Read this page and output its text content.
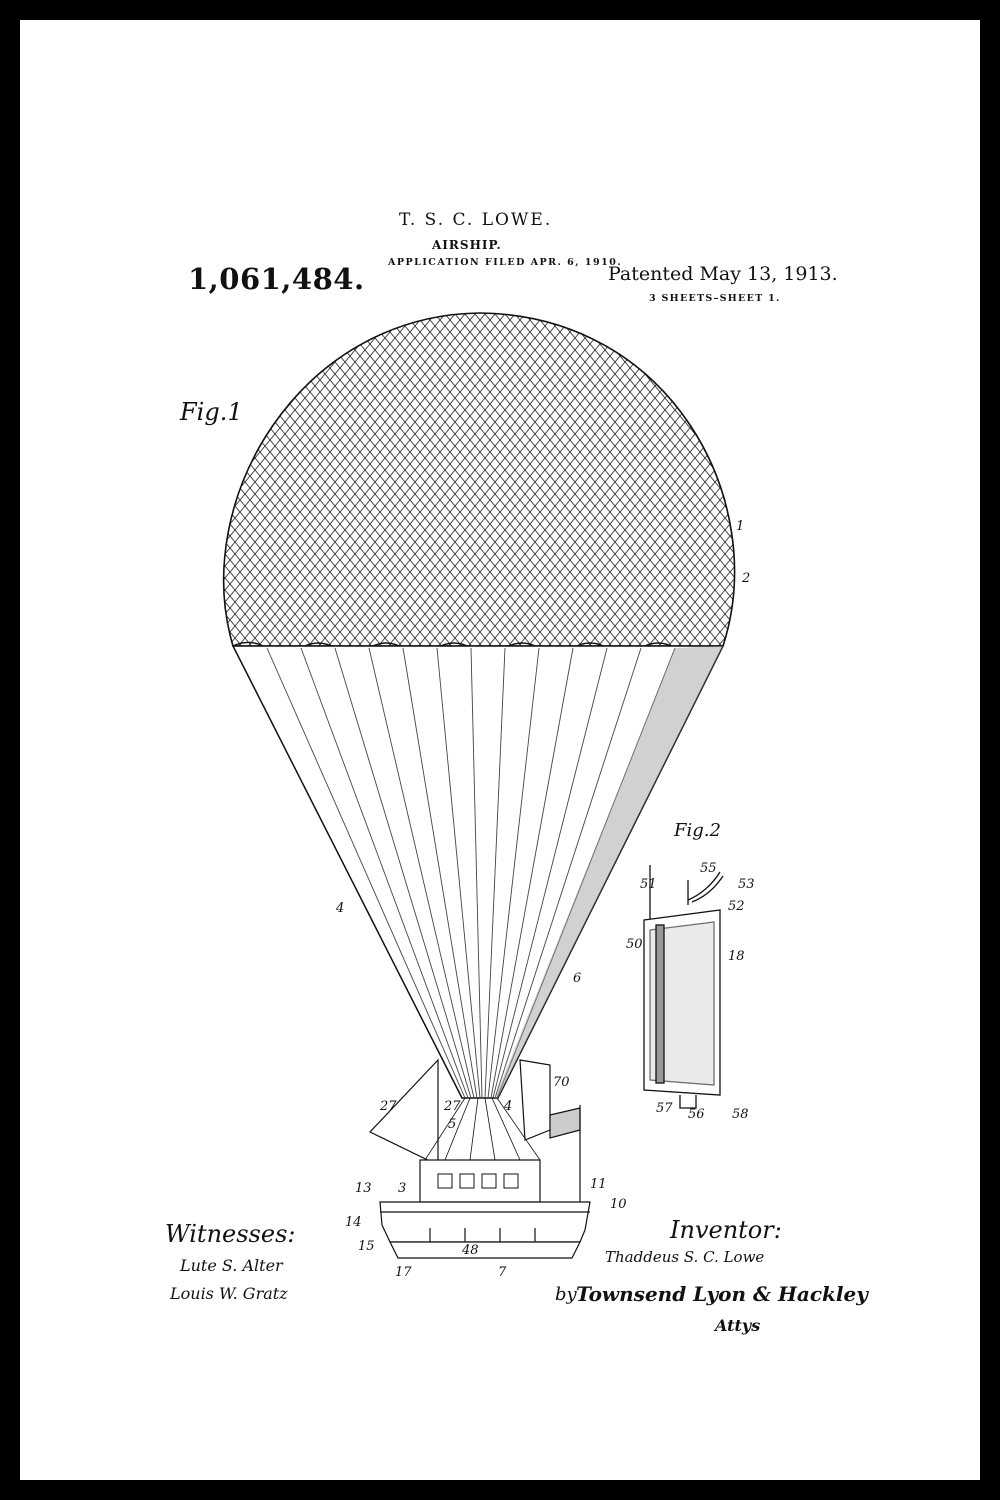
T. S. C. LOWE.
AIRSHIP.
APPLICATION FILED APR. 6, 1910.
1,061,484.	Patented May 13, 1913.
3 SHEETS–SHEET 1.
1
2
4
6
27	27
5
4
70
3
13
14
15
17
48
7
11
10
51
55
53
52
50
18
57 56 58
Fig.1
Fig.2
Witnesses:
Lute S. Alter
Louis W. Gratz
Inventor:
Thaddeus S. C. Lowe
by Townsend Lyon & Hackley
Attys
